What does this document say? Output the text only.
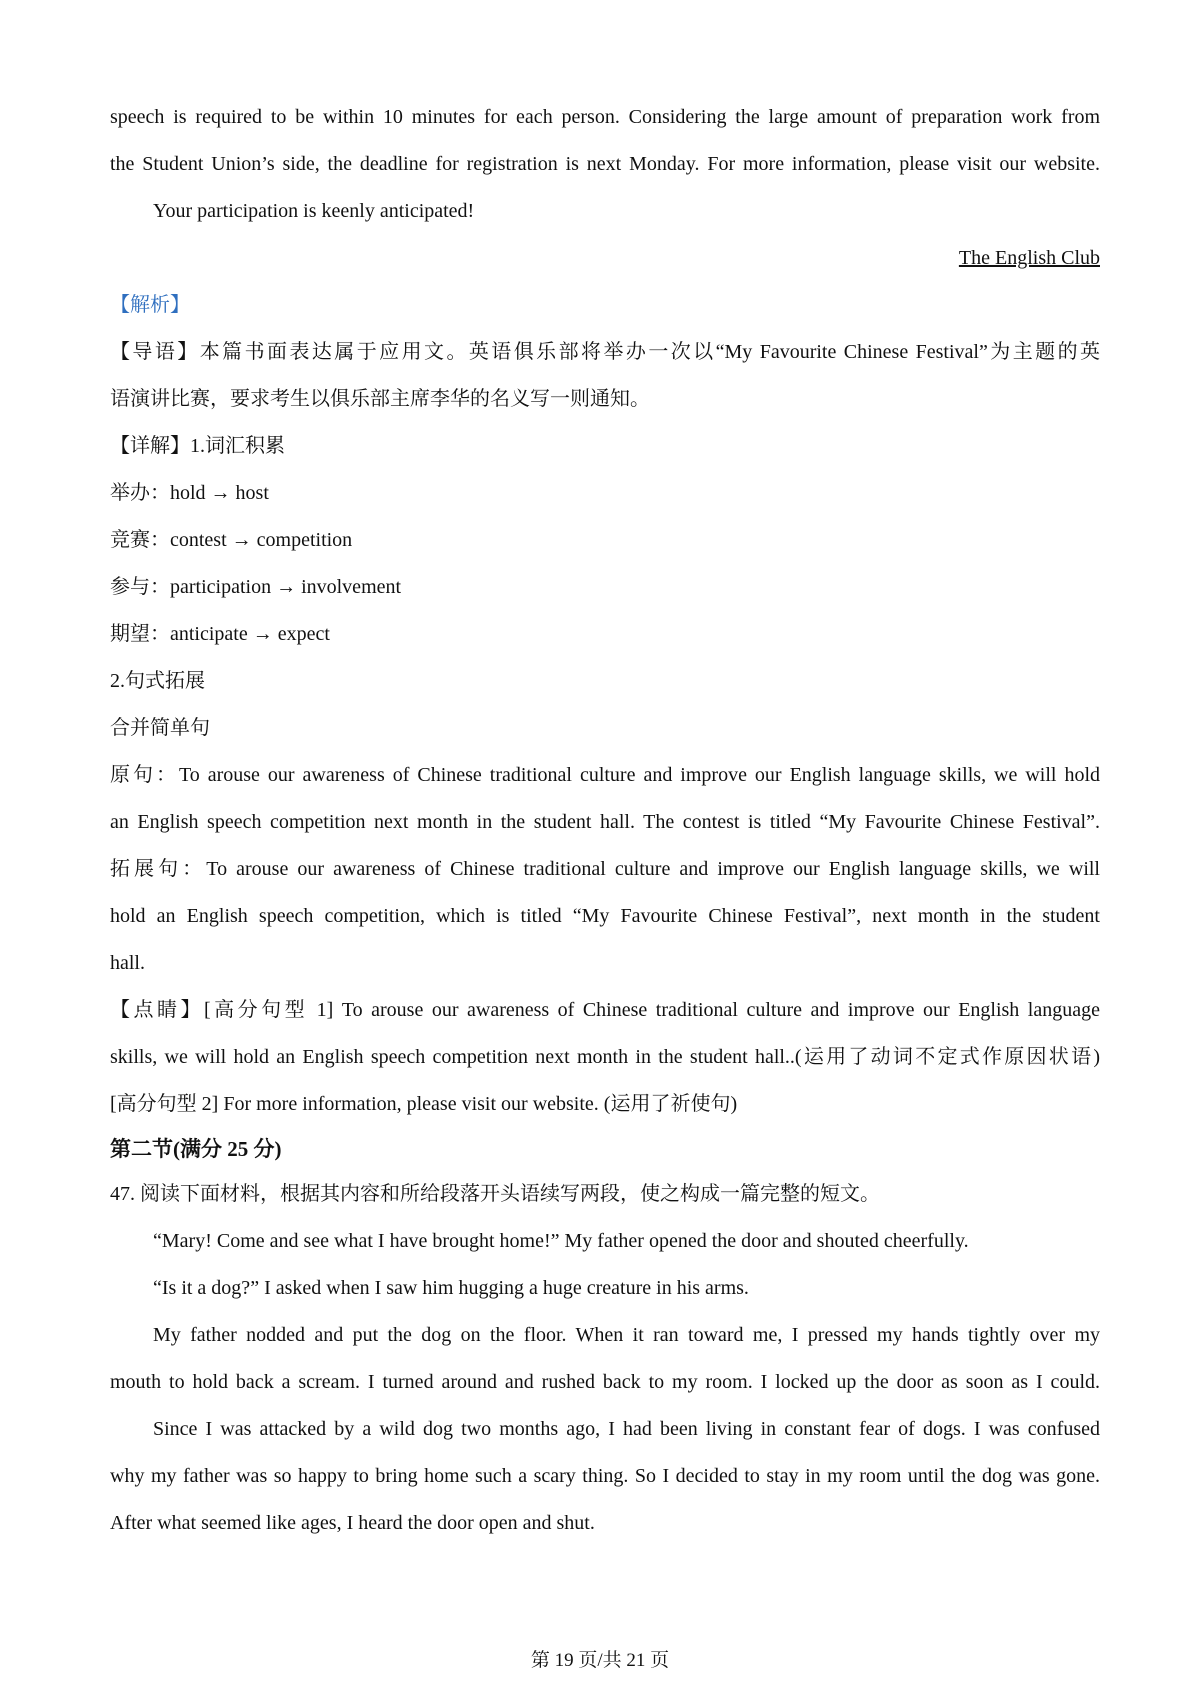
speech is required to be within 10 minutes for each person. Considering the large amount of preparation work from
the Student Union’s side, the deadline for registration is next Monday. For more information, please visit our website.
Your participation is keenly anticipated!
The English Club
【解析】
【导语】本篇书面表达属于应用文。英语俱乐部将举办一次以“My Favourite Chinese Festival”为主题的英
语演讲比赛，要求考生以俱乐部主席李华的名义写一则通知。
【详解】1.词汇积累
举办：hold → host
竞赛：contest → competition
参与：participation → involvement
期望：anticipate → expect
2.句式拓展
合并简单句
原句：To arouse our awareness of Chinese traditional culture and improve our English language skills, we will hold
an English speech competition next month in the student hall. The contest is titled “My Favourite Chinese Festival”.
拓展句：To arouse our awareness of Chinese traditional culture and improve our English language skills, we will
hold an English speech competition, which is titled “My Favourite Chinese Festival”, next month in the student
hall.
【点睛】[高分句型 1] To arouse our awareness of Chinese traditional culture and improve our English language
skills, we will hold an English speech competition next month in the student hall..(运用了动词不定式作原因状语)
[高分句型 2] For more information, please visit our website. (运用了祈使句)
第二节(满分 25 分)
47. 阅读下面材料，根据其内容和所给段落开头语续写两段，使之构成一篇完整的短文。
“Mary! Come and see what I have brought home!” My father opened the door and shouted cheerfully.
“Is it a dog?” I asked when I saw him hugging a huge creature in his arms.
My father nodded and put the dog on the floor. When it ran toward me, I pressed my hands tightly over my
mouth to hold back a scream. I turned around and rushed back to my room. I locked up the door as soon as I could.
Since I was attacked by a wild dog two months ago, I had been living in constant fear of dogs. I was confused
why my father was so happy to bring home such a scary thing. So I decided to stay in my room until the dog was gone.
After what seemed like ages, I heard the door open and shut.
第 19 页/共 21 页
